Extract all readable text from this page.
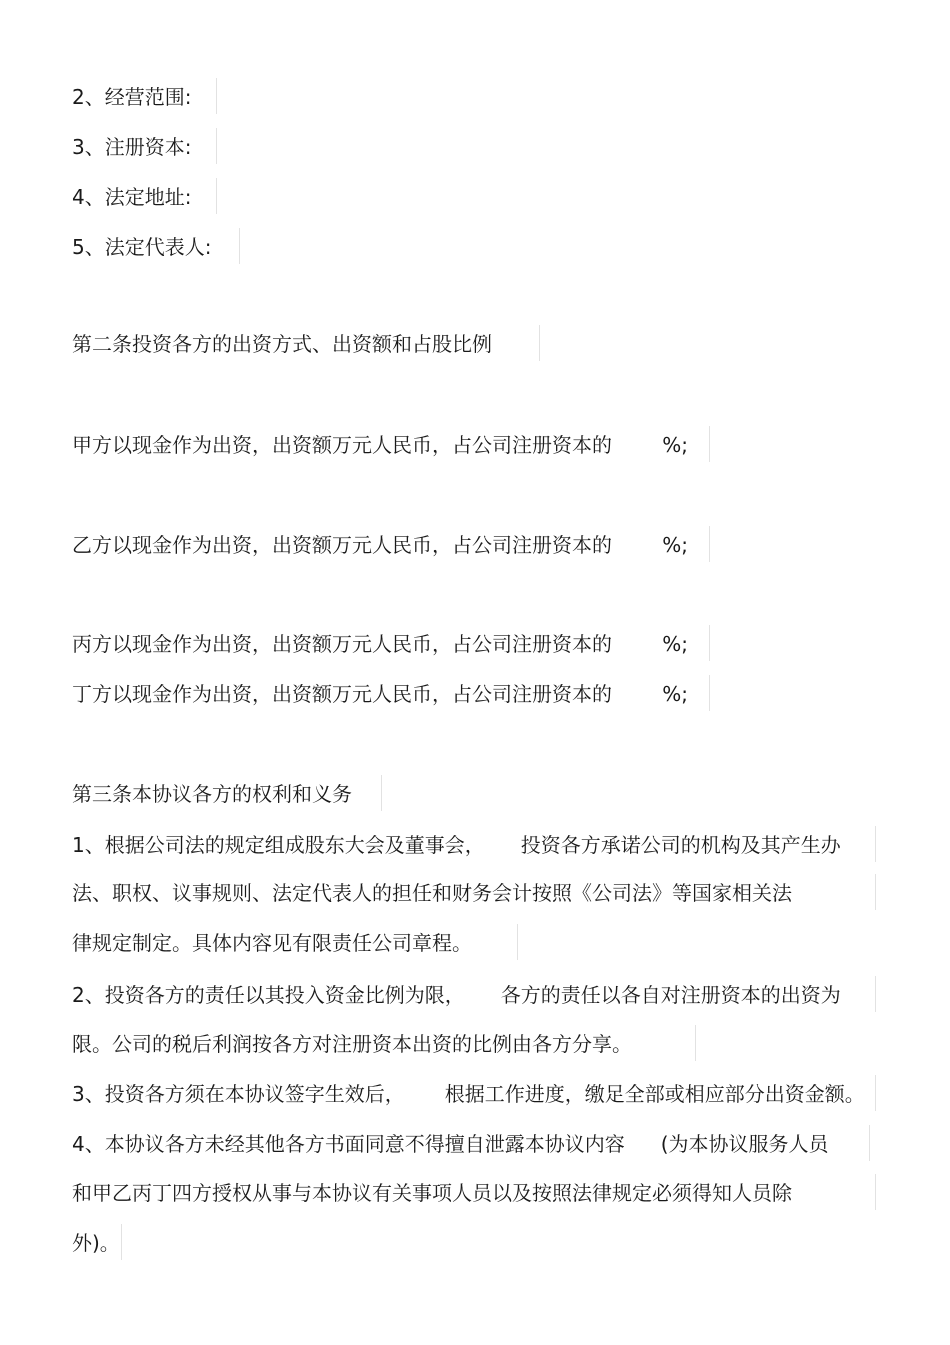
2、经营范围:
3、注册资本:
4、法定地址:
5、法定代表人:
第二条投资各方的出资方式、出资额和占股比例
甲方以现金作为出资，出资额万元人民币，占公司注册资本的	%;
乙方以现金作为出资，出资额万元人民币，占公司注册资本的	%;
丙方以现金作为出资，出资额万元人民币，占公司注册资本的	%;
丁方以现金作为出资，出资额万元人民币，占公司注册资本的	%;
第三条本协议各方的权利和义务
1、根据公司法的规定组成股东大会及董事会， 投资各方承诺公司的机构及其产生办
法、职权、议事规则、法定代表人的担任和财务会计按照《公司法》等国家相关法
律规定制定。具体内容见有限责任公司章程。
2、投资各方的责任以其投入资金比例为限， 各方的责任以各自对注册资本的出资为
限。公司的税后利润按各方对注册资本出资的比例由各方分享。
3、投资各方须在本协议签字生效后， 根据工作进度，缴足全部或相应部分出资金额。
4、本协议各方未经其他各方书面同意不得擅自泄露本协议内容 (为本协议服务人员
和甲乙丙丁四方授权从事与本协议有关事项人员以及按照法律规定必须得知人员除
外)。
